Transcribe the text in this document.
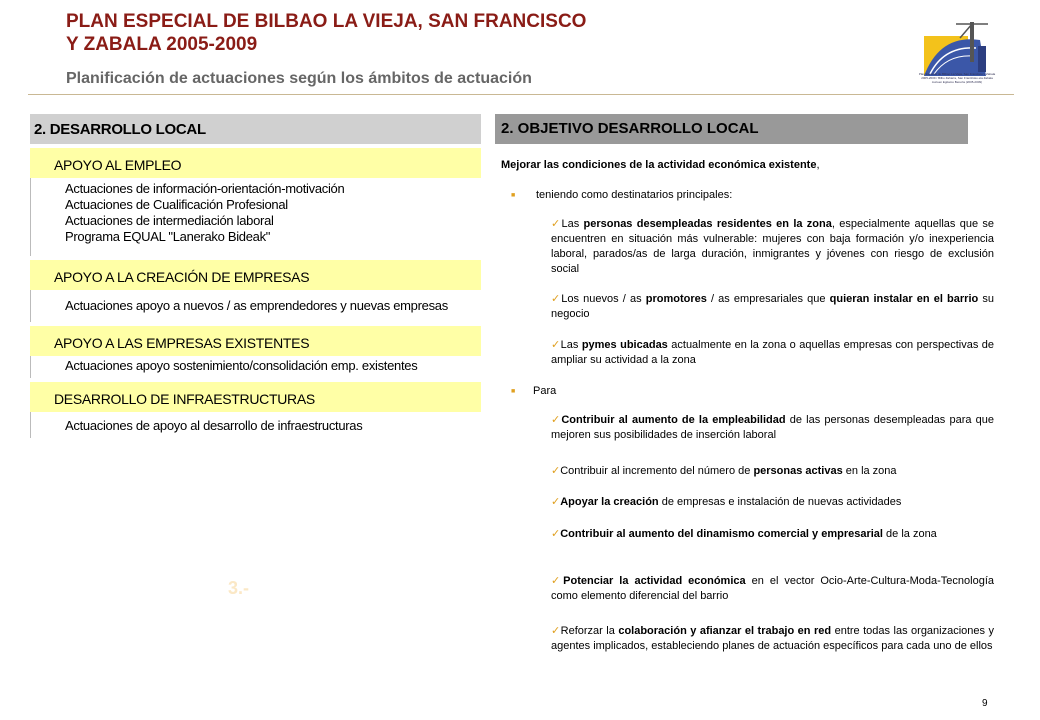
PLAN ESPECIAL DE BILBAO LA VIEJA, SAN FRANCISCO
Y ZABALA 2005-2009
Planificación de actuaciones según los ámbitos de actuación	Plan Especial de Bilbao La Vieja, San Francisco y Zabala 2005-2009 / Bilbo Zaharra, San Frantzisko eta Zabala Auzoen Egitamu Berezia (2005-2009)
2. DESARROLLO LOCAL
APOYO AL EMPLEO
Actuaciones de información-orientación-motivación
Actuaciones de Cualificación Profesional
Actuaciones de intermediación laboral
Programa EQUAL "Lanerako Bideak"
APOYO A LA CREACIÓN DE EMPRESAS
Actuaciones apoyo a nuevos / as emprendedores y nuevas empresas
APOYO A LAS EMPRESAS EXISTENTES
Actuaciones apoyo sostenimiento/consolidación emp. existentes
DESARROLLO DE INFRAESTRUCTURAS
Actuaciones de apoyo al desarrollo de infraestructuras
3.-
2. OBJETIVO DESARROLLO LOCAL
Mejorar las condiciones de la actividad económica existente,
■ teniendo como destinatarios principales:
✓Las personas desempleadas residentes en la zona, especialmente aquellas que se encuentren en situación más vulnerable: mujeres con baja formación y/o inexperiencia laboral, parados/as de larga duración, inmigrantes y jóvenes con riesgo de exclusión social
✓Los nuevos / as promotores / as empresariales que quieran instalar en el barrio su negocio
✓Las pymes ubicadas actualmente en la zona o aquellas empresas con perspectivas de ampliar su actividad a la zona
■ Para
✓Contribuir al aumento de la empleabilidad de las personas desempleadas para que mejoren sus posibilidades de inserción laboral
✓Contribuir al incremento del número de personas activas en la zona
✓Apoyar la creación de empresas e instalación de nuevas actividades
✓Contribuir al aumento del dinamismo comercial y empresarial de la zona
✓Potenciar la actividad económica en el vector Ocio-Arte-Cultura-Moda-Tecnología como elemento diferencial del barrio
✓Reforzar la colaboración y afianzar el trabajo en red entre todas las organizaciones y agentes implicados, estableciendo planes de actuación específicos para cada uno de ellos
9
